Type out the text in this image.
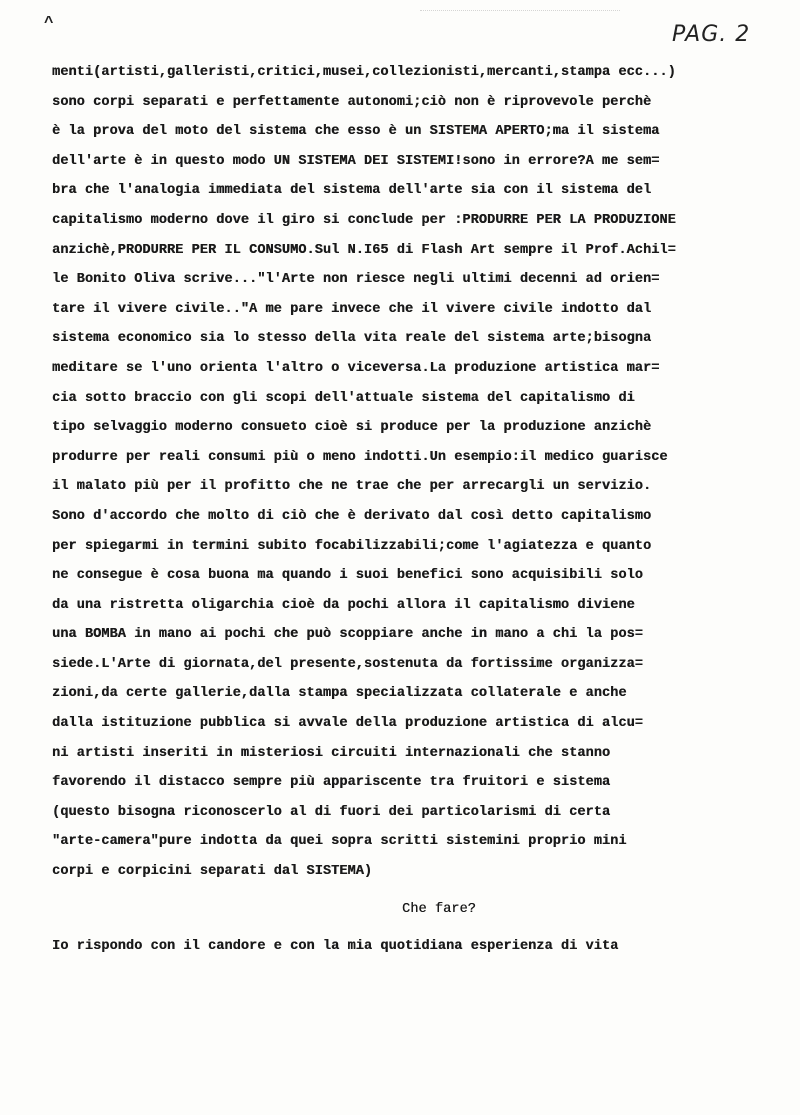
^	PAG. 2
menti(artisti,galleristi,critici,musei,collezionisti,mercanti,stampa ecc...)
sono corpi separati e perfettamente autonomi;ciò non è riprovevole perchè
è la prova del moto del sistema che esso è un SISTEMA APERTO;ma il sistema
dell'arte è in questo modo UN SISTEMA DEI SISTEMI!sono in errore?A me sem=
bra che l'analogia immediata del sistema dell'arte sia con il sistema del
capitalismo moderno dove il giro si conclude per :PRODURRE PER LA PRODUZIONE
anzichè,PRODURRE PER IL CONSUMO.Sul N.I65 di Flash Art sempre il Prof.Achil=
le Bonito Oliva scrive..."l'Arte non riesce negli ultimi decenni ad orien=
tare il vivere civile.."A me pare invece che il vivere civile indotto dal
sistema economico sia lo stesso della vita reale del sistema arte;bisogna
meditare se l'uno orienta l'altro o viceversa.La produzione artistica mar=
cia sotto braccio con gli scopi dell'attuale sistema del capitalismo di
tipo selvaggio moderno consueto cioè si produce per la produzione anzichè
produrre per reali consumi più o meno indotti.Un esempio:il medico guarisce
il malato più per il profitto che ne trae che per arrecargli un servizio.
Sono d'accordo che molto di ciò che è derivato dal così detto capitalismo
per spiegarmi in termini subito focabilizzabili;come l'agiatezza e quanto
ne consegue è cosa buona ma quando i suoi benefici sono acquisibili solo
da una ristretta oligarchia cioè da pochi allora il capitalismo diviene
una BOMBA in mano ai pochi che può scoppiare anche in mano a chi la pos=
siede.L'Arte di giornata,del presente,sostenuta da fortissime organizza=
zioni,da certe gallerie,dalla stampa specializzata collaterale e anche
dalla istituzione pubblica si avvale della produzione artistica di alcu=
ni artisti inseriti in misteriosi circuiti internazionali che stanno
favorendo il distacco sempre più appariscente tra fruitori e sistema
(questo bisogna riconoscerlo al di fuori dei particolarismi di certa
"arte-camera"pure indotta da quei sopra scritti sistemini proprio mini
corpi e corpicini separati dal SISTEMA)
Che fare?
Io rispondo con il candore e con la mia quotidiana esperienza di vita
